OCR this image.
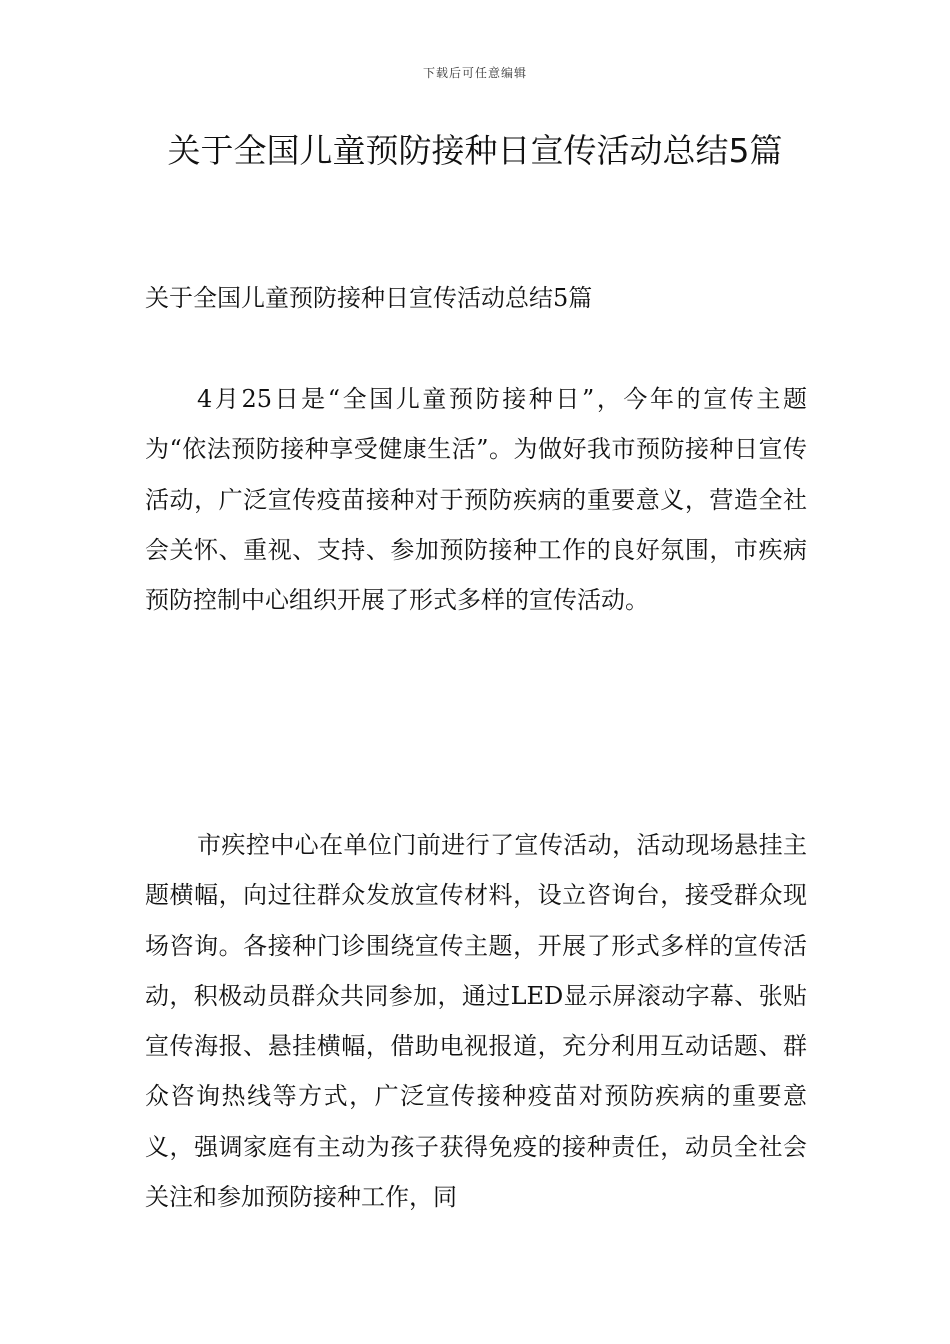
下载后可任意编辑
关于全国儿童预防接种日宣传活动总结5篇

关于全国儿童预防接种日宣传活动总结5篇

4月25日是“全国儿童预防接种日”，今年的宣传主题为“依法预防接种享受健康生活”。为做好我市预防接种日宣传活动，广泛宣传疫苗接种对于预防疾病的重要意义，营造全社会关怀、重视、支持、参加预防接种工作的良好氛围，市疾病预防控制中心组织开展了形式多样的宣传活动。

市疾控中心在单位门前进行了宣传活动，活动现场悬挂主题横幅，向过往群众发放宣传材料，设立咨询台，接受群众现场咨询。各接种门诊围绕宣传主题，开展了形式多样的宣传活动，积极动员群众共同参加，通过LED显示屏滚动字幕、张贴宣传海报、悬挂横幅，借助电视报道，充分利用互动话题、群众咨询热线等方式，广泛宣传接种疫苗对预防疾病的重要意义，强调家庭有主动为孩子获得免疫的接种责任，动员全社会关注和参加预防接种工作，同
